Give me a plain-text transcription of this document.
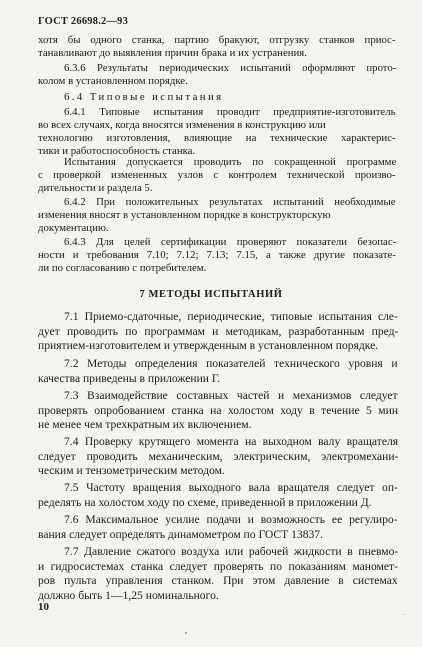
ГОСТ 26698.2—93
хотя бы одного станка, партию бракуют, отгрузку станков приос-
танавливают до выявления причин брака и их устранения.
6.3.6 Результаты периодических испытаний оформляют прото-
колом в установленном порядке.
6.4 Типовые испытания
6.4.1 Типовые испытания проводит предприятие-изготовитель
во всех случаях, когда вносятся изменения в конструкцию или
технологию изготовления, влияющие на технические характерис-
тики и работоспособность станка.
Испытания допускается проводить по сокращенной программе
с проверкой измененных узлов с контролем технической произво-
дительности и раздела 5.
6.4.2 При положительных результатах испытаний необходимые
изменения вносят в установленном порядке в конструкторскую
документацию.
6.4.3 Для целей сертификации проверяют показатели безопас-
ности и требования 7.10; 7.12; 7.13; 7.15, а также другие показате-
ли по согласованию с потребителем.
7 МЕТОДЫ ИСПЫТАНИЙ
7.1 Приемо-сдаточные, периодические, типовые испытания сле-
дует проводить по программам и методикам, разработанным пред-
приятием-изготовителем и утвержденным в установленном порядке.
7.2 Методы определения показателей технического уровня и
качества приведены в приложении Г.
7.3 Взаимодействие составных частей и механизмов следует
проверять опробованием станка на холостом ходу в течение 5 мин
не менее чем трехкратным их включением.
7.4 Проверку крутящего момента на выходном валу вращателя
следует проводить механическим, электрическим, электромехани-
ческим и тензометрическим методом.
7.5 Частоту вращения выходного вала вращателя следует оп-
ределять на холостом ходу по схеме, приведенной в приложении Д.
7.6 Максимальное усилие подачи и возможность ее регулиро-
вания следует определять динамометром по ГОСТ 13837.
7.7 Давление сжатого воздуха или рабочей жидкости в пневмо-
и гидросистемах станка следует проверять по показаниям маномет-
ров пульта управления станком. При этом давление в системах
должно быть 1—1,25 номинального.
10
